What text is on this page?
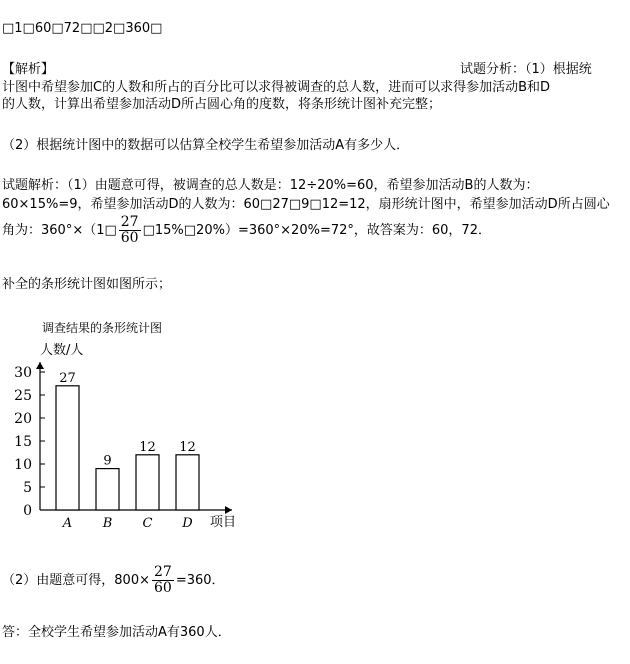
□1□60□72□□2□360□
【解析】	试题分析：（1）根据统
计图中希望参加C的人数和所占的百分比可以求得被调查的总人数，进而可以求得参加活动B和D
的人数，计算出希望参加活动D所占圆心角的度数，将条形统计图补充完整；
（2）根据统计图中的数据可以估算全校学生希望参加活动A有多少人．
试题解析：（1）由题意可得，被调查的总人数是：12÷20%=60，希望参加活动B的人数为：
60×15%=9，希望参加活动D的人数为：60□27□9□12=12，扇形统计图中，希望参加活动D所占圆心
角为：360°×（1□ $\frac{27}{60}$ □15%□20%）=360°×20%=72°，故答案为：60，72．
补全的条形统计图如图所示；
调查结果的条形统计图
人数/人
项目
0
5
10
15
20
25
30
A B C D
27
9
12 12
（2）由题意可得，$800\times \frac{27}{60} =360$．
答：全校学生希望参加活动A有360人．
